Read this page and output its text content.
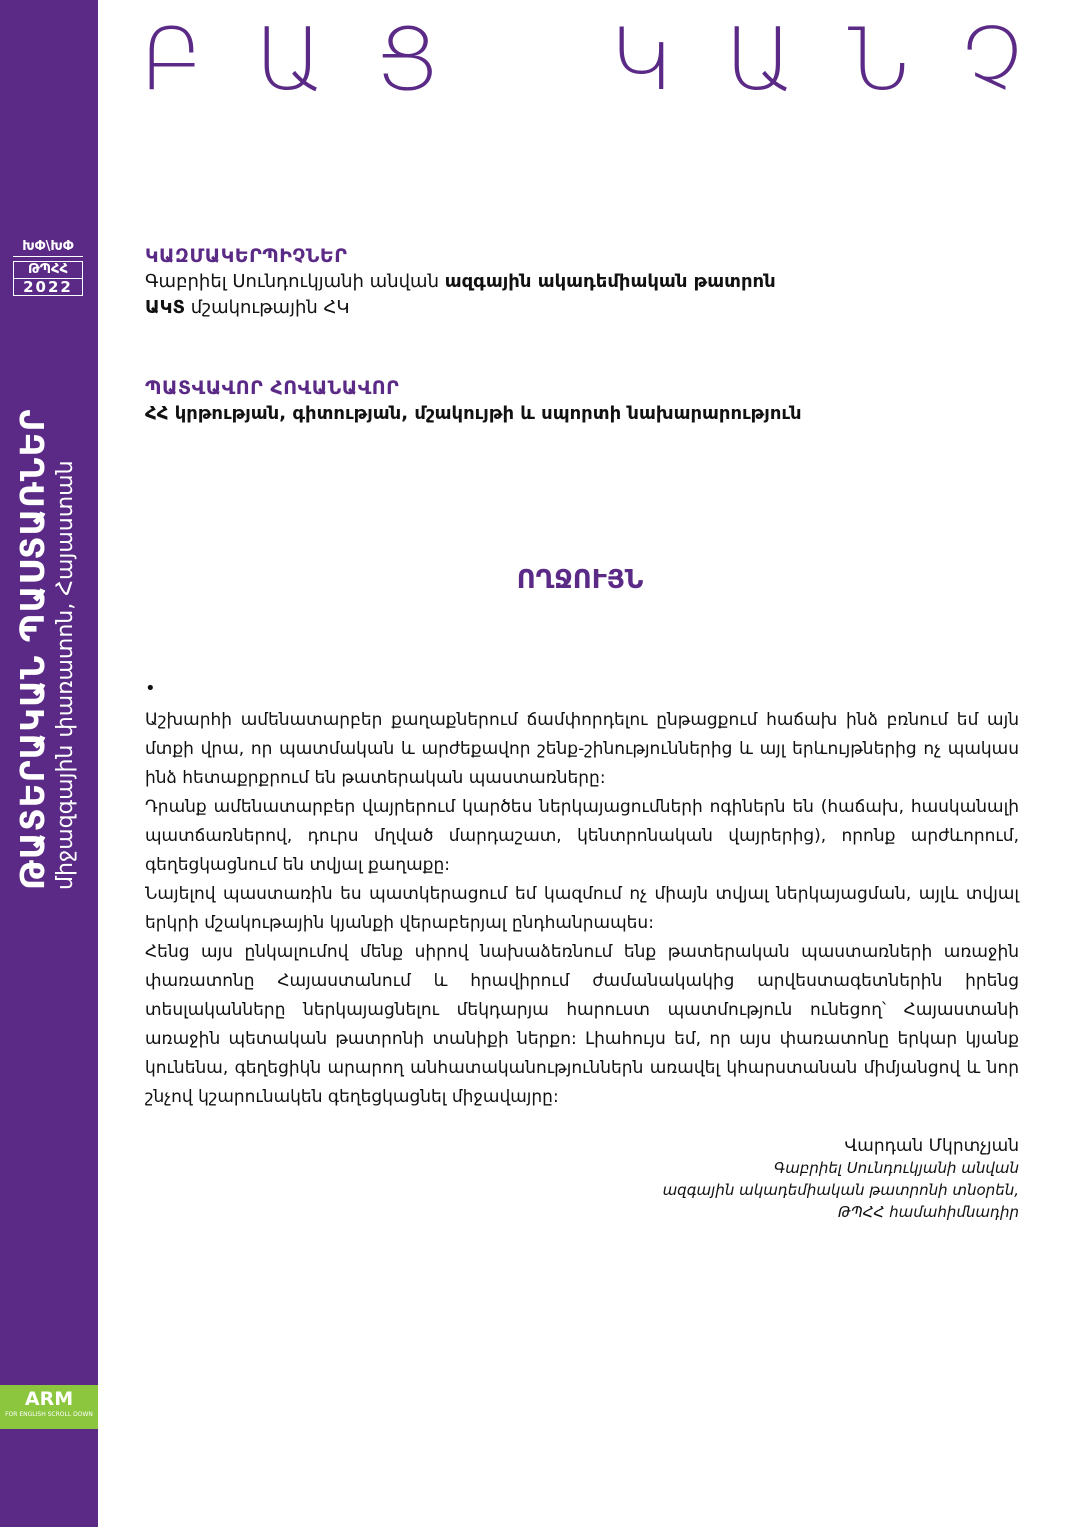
ԽՓ\ԽՓ
ԹՊՀՀ
2022
ԹԱՏԵՐԱԿԱՆ ՊԱՍՏԱՌՆԵՐ միջազգային փառատոն, Հայաստան
ARM
FOR ENGLISH SCROLL DOWN
Բ Ա Ց Կ Ա Ն Չ
ԿԱԶՄԱԿԵՐՊԻՉՆԵՐ
Գաբրիել Սունդուկյանի անվան ազգային ակադեմիական թատրոն
ԱԿՏ մշակութային ՀԿ
ՊԱՏՎԱՎՈՐ ՀՈՎԱՆԱՎՈՐ
ՀՀ կրթության, գիտության, մշակույթի և սպորտի նախարարություն
ՈՂՋՈՒՅՆ
•

Աշխարհի ամենատարբեր քաղաքներում ճամփորդելու ընթացքում հաճախ ինձ բռնում եմ այն մտքի վրա, որ պատմական և արժեքավոր շենք-շինություններից և այլ երևույթներից ոչ պակաս ինձ հետաքրքրում են թատերական պաստառները:

Դրանք ամենատարբեր վայրերում կարծես ներկայացումների ոգիներն են (հաճախ, հասկանալի պատճառներով, դուրս մղված մարդաշատ, կենտրոնական վայրերից), որոնք արժևորում, գեղեցկացնում են տվյալ քաղաքը:

Նայելով պաստառին ես պատկերացում եմ կազմում ոչ միայն տվյալ ներկայացման, այլև տվյալ երկրի մշակութային կյանքի վերաբերյալ ընդհանրապես:

Հենց այս ընկալումով մենք սիրով նախաձեռնում ենք թատերական պաստառների առաջին փառատոնը Հայաստանում և հրավիրում ժամանակակից արվեստագետներին իրենց տեսլականները ներկայացնելու մեկդարյա հարուստ պատմություն ունեցող՝ Հայաստանի առաջին պետական թատրոնի տանիքի ներքո: Լիահույս եմ, որ այս փառատոնը երկար կյանք կունենա, գեղեցիկն արարող անհատականություններն առավել կհարստանան միմյանցով և նոր շնչով կշարունակեն գեղեցկացնել միջավայրը:

Վարդան Մկրտչյան
Գաբրիել Սունդուկյանի անվան
ազգային ակադեմիական թատրոնի տնօրեն,
ԹՊՀՀ համահիմնադիր
